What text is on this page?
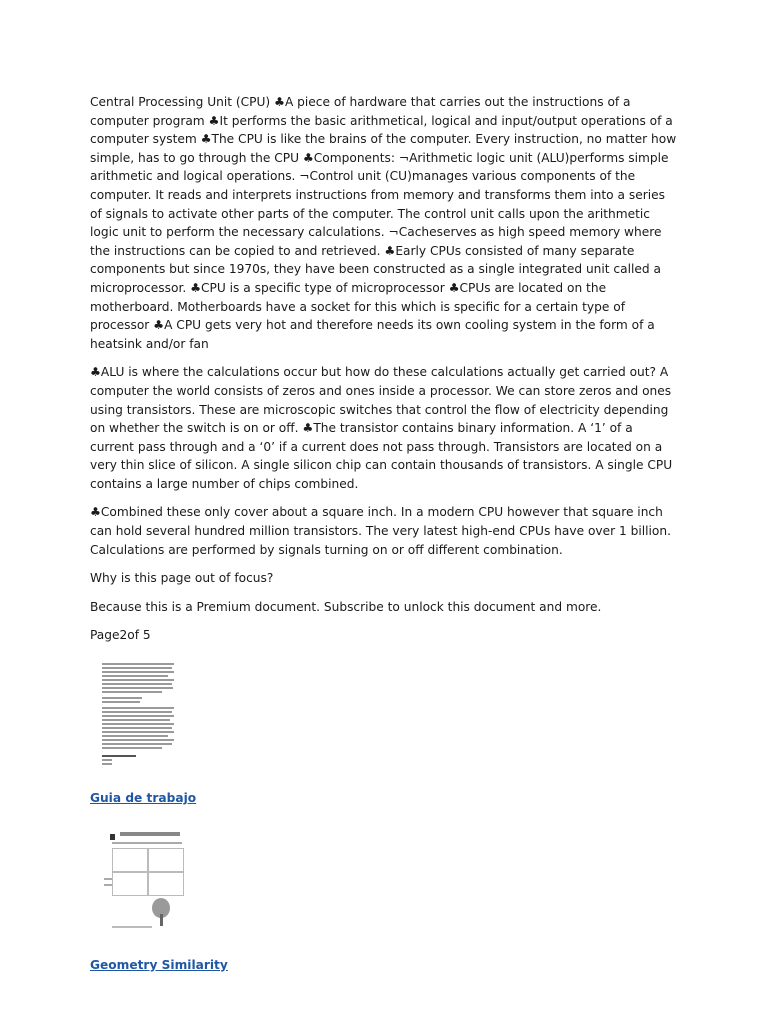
Central Processing Unit (CPU) ♣A piece of hardware that carries out the instructions of a computer program ♣It performs the basic arithmetical, logical and input/output operations of a computer system ♣The CPU is like the brains of the computer. Every instruction, no matter how simple, has to go through the CPU ♣Components: ¬Arithmetic logic unit (ALU)performs simple arithmetic and logical operations. ¬Control unit (CU)manages various components of the computer. It reads and interprets instructions from memory and transforms them into a series of signals to activate other parts of the computer. The control unit calls upon the arithmetic logic unit to perform the necessary calculations. ¬Cacheserves as high speed memory where the instructions can be copied to and retrieved. ♣Early CPUs consisted of many separate components but since 1970s, they have been constructed as a single integrated unit called a microprocessor. ♣CPU is a specific type of microprocessor ♣CPUs are located on the motherboard. Motherboards have a socket for this which is specific for a certain type of processor ♣A CPU gets very hot and therefore needs its own cooling system in the form of a heatsink and/or fan

♣ALU is where the calculations occur but how do these calculations actually get carried out? A computer the world consists of zeros and ones inside a processor. We can store zeros and ones using transistors. These are microscopic switches that control the flow of electricity depending on whether the switch is on or off. ♣The transistor contains binary information. A ‘1’ of a current pass through and a ‘0’ if a current does not pass through. Transistors are located on a very thin slice of silicon. A single silicon chip can contain thousands of transistors. A single CPU contains a large number of chips combined.

♣Combined these only cover about a square inch. In a modern CPU however that square inch can hold several hundred million transistors. The very latest high-end CPUs have over 1 billion. Calculations are performed by signals turning on or off different combination.

Why is this page out of focus?

Because this is a Premium document. Subscribe to unlock this document and more.

Page2of 5

Guia de trabajo
Geometry Similarity
